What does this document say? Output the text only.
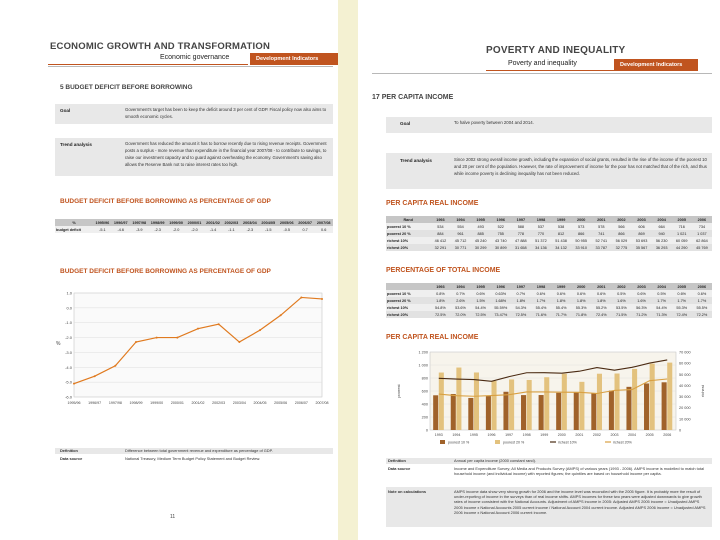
ECONOMIC GROWTH AND TRANSFORMATION
Economic governance	Development Indicators
5 BUDGET DEFICIT BEFORE BORROWING
Goal	Government's target has been to keep the deficit around 3 per cent of GDP. Fiscal policy now also aims to smooth economic cycles.
Trend analysis	Government has reduced the amount it has to borrow recently due to rising revenue receipts. Government posts a surplus - more revenue than expenditure in the financial year 2007/08 - to contribute to savings, to raise our investment capacity and to guard against overheating the economy. Government's saving also allows the Reserve Bank not to raise interest rates too high.
BUDGET DEFICIT BEFORE BORROWING AS PERCENTAGE OF GDP
%	1995/96	1996/97	1997/98	1998/99	1999/00	2000/01	2001/02	2002/03	2003/04	2004/05	2005/06	2006/07	2007/08
budget deficit	-5.1	-4.6	-3.9	-2.3	-2.0	-2.0	-1.4	-1.1	-2.3	-1.5	-0.5	0.7	0.6
BUDGET DEFICIT BEFORE BORROWING AS PERCENTAGE OF GDP
1.0
0.0
-1.0
-2.0
-3.0
-4.0
-5.0
-6.0
%
1995/96 1996/97 1997/98 1998/99 1999/00 2000/01 2001/02 2002/03 2003/04 2004/05 2005/06 2006/07 2007/08
Definition	Difference between total government revenue and expenditure as percentage of GDP.
Data source	National Treasury, Medium Term Budget Policy Statement and Budget Review.
11
POVERTY AND INEQUALITY
Poverty and inequality	Development Indicators
17 PER CAPITA INCOME
Goal	To halve poverty between 2004 and 2014.
Trend analysis	Since 2002 strong overall income growth, including the expansion of social grants, resulted in the rise of the income of the poorest 10 and 20 per cent of the population. However, the rate of improvement of income for the poor has not matched that of the rich, and thus while income poverty is declining inequality has not been reduced.
PER CAPITA REAL INCOME
Rand	1993	1994	1995	1996	1997	1998	1999	2000	2001	2002	2003	2004	2005	2006
poorest 10 %	534	554	493	522	588	537	538	573	578	566	606	664	716	734
poorest 20 %	884	961	885	755	778	770	812	866	741	866	869	940	1 021	1 037
richest 10%	46 412	45 712	45 240	43 740	47 888	51 372	51 438	50 955	52 741	56 029	53 693	56 230	60 059	62 864
richest 20%	32 291	30 771	30 299	30 899	31 658	34 136	34 132	33 910	33 787	32 775	35 567	36 293	44 290	45 769
PERCENTAGE OF TOTAL INCOME
	1993	1994	1995	1996	1997	1998	1999	2000	2001	2002	2003	2004	2005	2006
poorest 10 %	0.8%	0.7%	0.6%	0.63%	0.7%	0.6%	0.6%	0.6%	0.6%	0.5%	0.6%	0.5%	0.6%	0.6%
poorest 20 %	1.8%	2.6%	1.5%	1.68%	1.8%	1.7%	1.8%	1.8%	1.8%	1.6%	1.6%	1.7%	1.7%	1.7%
richest 10%	54.8%	53.6%	54.4%	55.59%	54.3%	55.4%	55.4%	55.3%	55.2%	53.5%	56.3%	54.4%	55.3%	55.5%
richest 20%	72.5%	72.0%	72.5%	73.47%	72.5%	71.6%	71.7%	71.8%	72.4%	71.5%	71.2%	71.3%	72.4%	72.2%
PER CAPITA REAL INCOME
1 200
1 000
800
600
400
200
0
70 000
60 000
50 000
40 000
30 000
20 000
10 000
0
poorest	richest
1993	1994	1995	1996	1997	1998	1999	2000	2001	2002	2003	2004	2005	2006
poorest 10 %	poorest 20 %	richest 10%	richest 20%
Definition	Annual per capita income (2000 constant rand).
Data source	Income and Expenditure Survey; All Media and Products Survey (AMPS) of various years (1993 - 2006). AMPS income is modelled to match total household income (and individual income) with reported figures; the quintiles are based on household income per capita.
Note on calculations	AMPS income data show very strong growth for 2006 and the income level was reconciled with the 2005 figure. It is probably more the result of under-reporting of income in the surveys than of real income shifts. AMPS incomes for these two years were adjusted downwards to give growth rates of income consistent with the National Accounts. Adjustment of AMPS income in 2005: Adjusted AMPS 2005 income = Unadjusted AMPS 2005 income x National Accounts 2005 current income / National Account 2004 current income. Adjusted AMPS 2006 income = Unadjusted AMPS 2006 income x National Account 2006 current income.
